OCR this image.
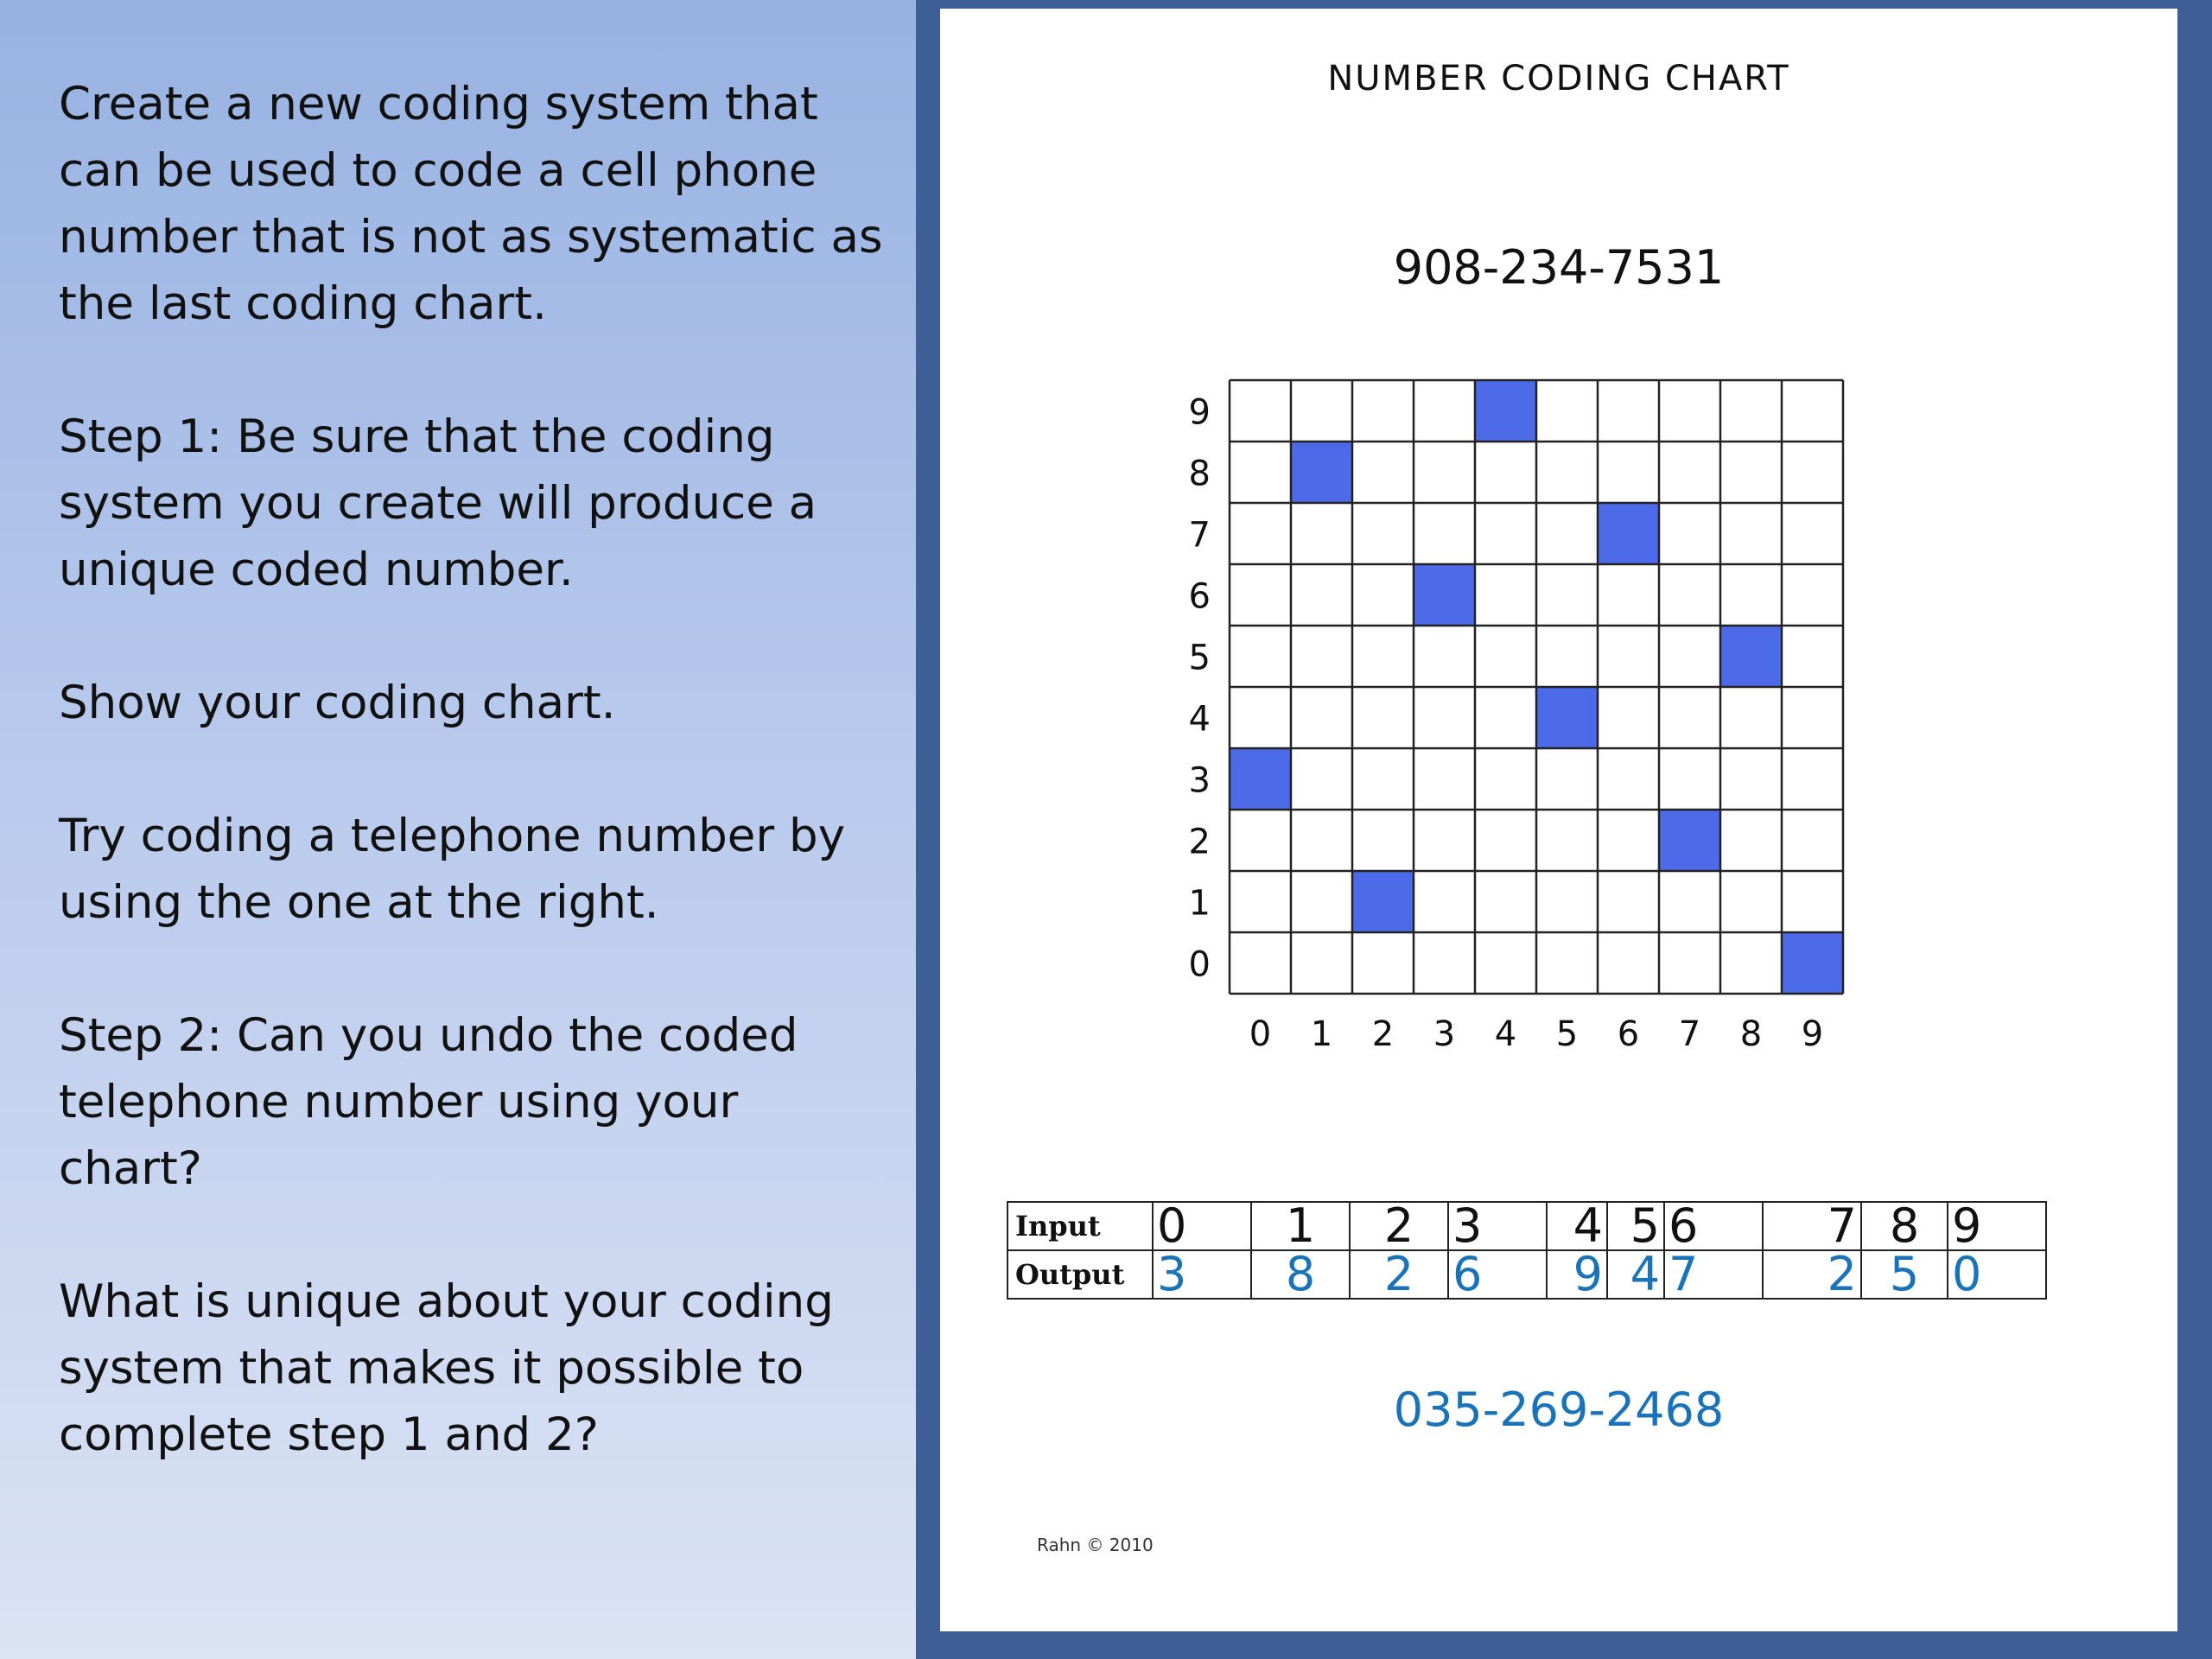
Create a new coding system that can be used to code a cell phone number that is not as systematic as the last coding chart.

Step 1: Be sure that the coding system you create will produce a unique coded number.

Show your coding chart.

Try coding a telephone number by using the one at the right.

Step 2: Can you undo the coded telephone number using your chart?

What is unique about your coding system that makes it possible to complete step 1 and 2?

NUMBER CODING CHART
908-234-7531
0
1
2
3
4
5
6
7
8
9
0 1 2 3 4 5 6 7 8 9
035-269-2468
Rahn © 2010
Input	0	1	2	3	4	5	6	7	8	9
Output	3	8	2	6	9	4	7	2	5	0
